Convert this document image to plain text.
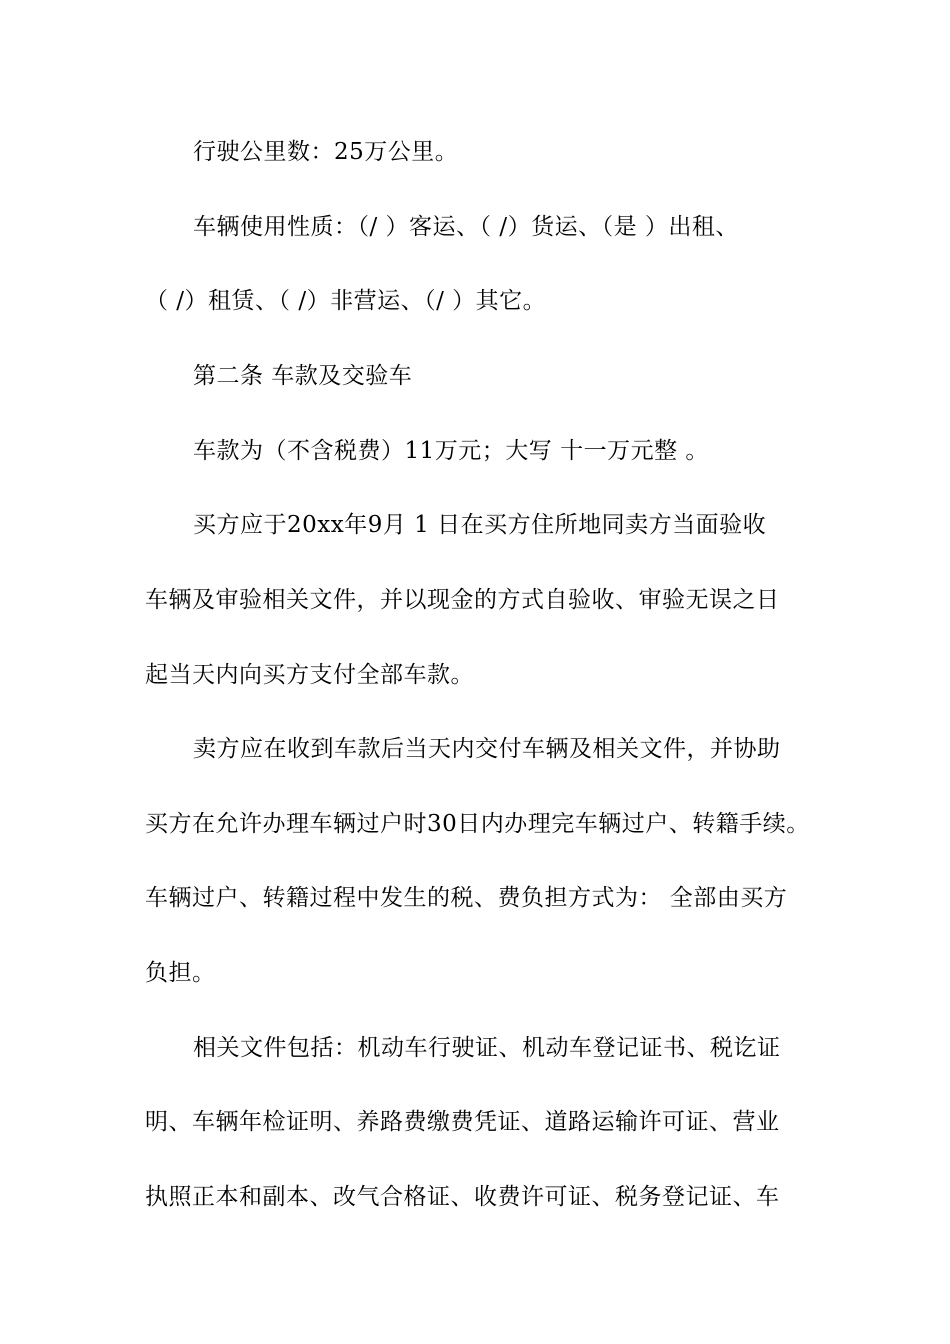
行驶公里数：25万公里。
车辆使用性质：（/ ）客运、（ /）货运、（是 ）出租、
（ /）租赁、（ /）非营运、（/ ）其它。
第二条 车款及交验车
车款为（不含税费）11万元；大写 十一万元整 。
买方应于20xx年9月 1 日在买方住所地同卖方当面验收
车辆及审验相关文件，并以现金的方式自验收、审验无误之日
起当天内向买方支付全部车款。
卖方应在收到车款后当天内交付车辆及相关文件，并协助
买方在允许办理车辆过户时30日内办理完车辆过户、转籍手续。
车辆过户、转籍过程中发生的税、费负担方式为： 全部由买方
负担。
相关文件包括：机动车行驶证、机动车登记证书、税讫证
明、车辆年检证明、养路费缴费凭证、道路运输许可证、营业
执照正本和副本、改气合格证、收费许可证、税务登记证、车
